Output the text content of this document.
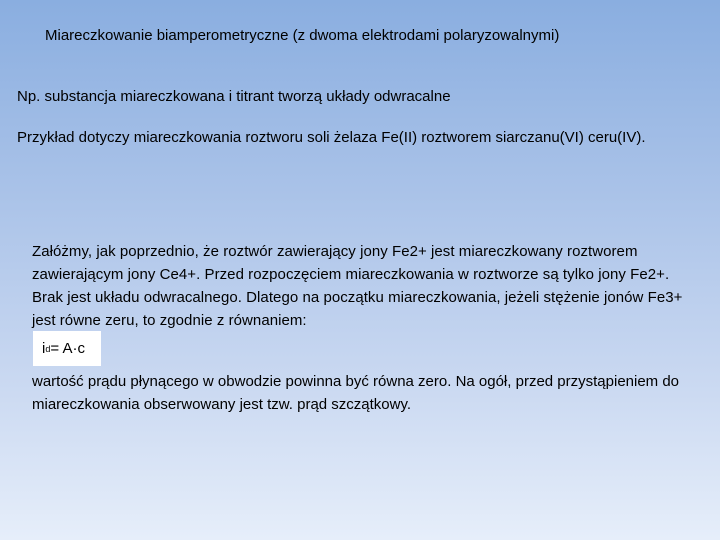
Miareczkowanie biamperometryczne (z dwoma elektrodami polaryzowalnymi)
Np. substancja miareczkowana i titrant tworzą układy odwracalne
Przykład dotyczy miareczkowania roztworu soli żelaza Fe(II) roztworem siarczanu(VI) ceru(IV).
Załóżmy, jak poprzednio, że roztwór zawierający jony Fe2+ jest miareczkowany roztworem zawierającym jony Ce4+. Przed rozpoczęciem miareczkowania w roztworze są tylko jony Fe2+. Brak jest układu odwracalnego. Dlatego na początku miareczkowania, jeżeli stężenie jonów Fe3+ jest równe zeru, to zgodnie z równaniem:
i d = A·c
wartość prądu płynącego w obwodzie powinna być równa zero. Na ogół, przed przystąpieniem do miareczkowania obserwowany jest tzw. prąd szczątkowy.
